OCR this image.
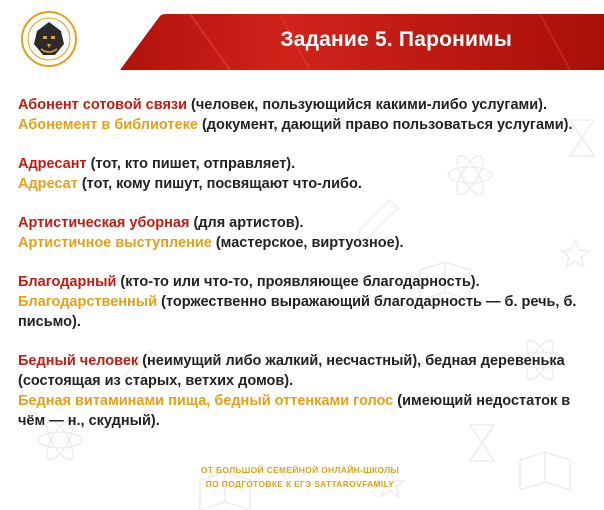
Задание 5. Паронимы

Абонент сотовой связи (человек, пользующийся какими-либо услугами).

Абонемент в библиотеке (документ, дающий право пользоваться услугами).

Адресант (тот, кто пишет, отправляет).

Адресат (тот, кому пишут, посвящают что-либо.

Артистическая уборная (для артистов).

Артистичное выступление (мастерское, виртуозное).

Благодарный (кто-то или что-то, проявляющее благодарность).

Благодарственный (торжественно выражающий благодарность — б. речь, б. письмо).

Бедный человек (неимущий либо жалкий, несчастный), бедная деревенька (состоящая из старых, ветхих домов).

Бедная витаминами пища, бедный оттенками голос (имеющий недостаток в чём — н., скудный).

ОТ БОЛЬШОЙ СЕМЕЙНОЙ ОНЛАЙН-ШКОЛЫ
ПО ПОДГОТОВКЕ К ЕГЭ SATTAROVFAMILY
